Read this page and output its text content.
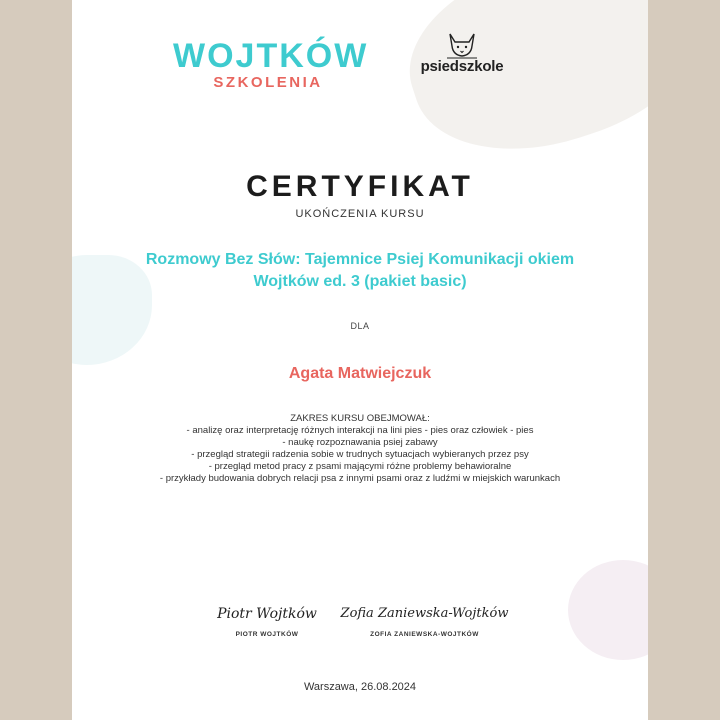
WOJTKÓW
SZKOLENIA
psiedszkole
CERTYFIKAT
UKOŃCZENIA KURSU
Rozmowy Bez Słów: Tajemnice Psiej Komunikacji okiem
Wojtków ed. 3 (pakiet basic)
DLA
Agata Matwiejczuk
ZAKRES KURSU OBEJMOWAŁ:
- analizę oraz interpretację różnych interakcji na lini pies - pies oraz człowiek - pies
- naukę rozpoznawania psiej zabawy
- przegląd strategii radzenia sobie w trudnych sytuacjach wybieranych przez psy
- przegląd metod pracy z psami mającymi różne problemy behawioralne
- przykłady budowania dobrych relacji psa z innymi psami oraz z ludźmi w miejskich warunkach
Piotr Wojtków
PIOTR WOJTKÓW
Zofia Zaniewska-Wojtków
ZOFIA ZANIEWSKA-WOJTKÓW
Warszawa, 26.08.2024
